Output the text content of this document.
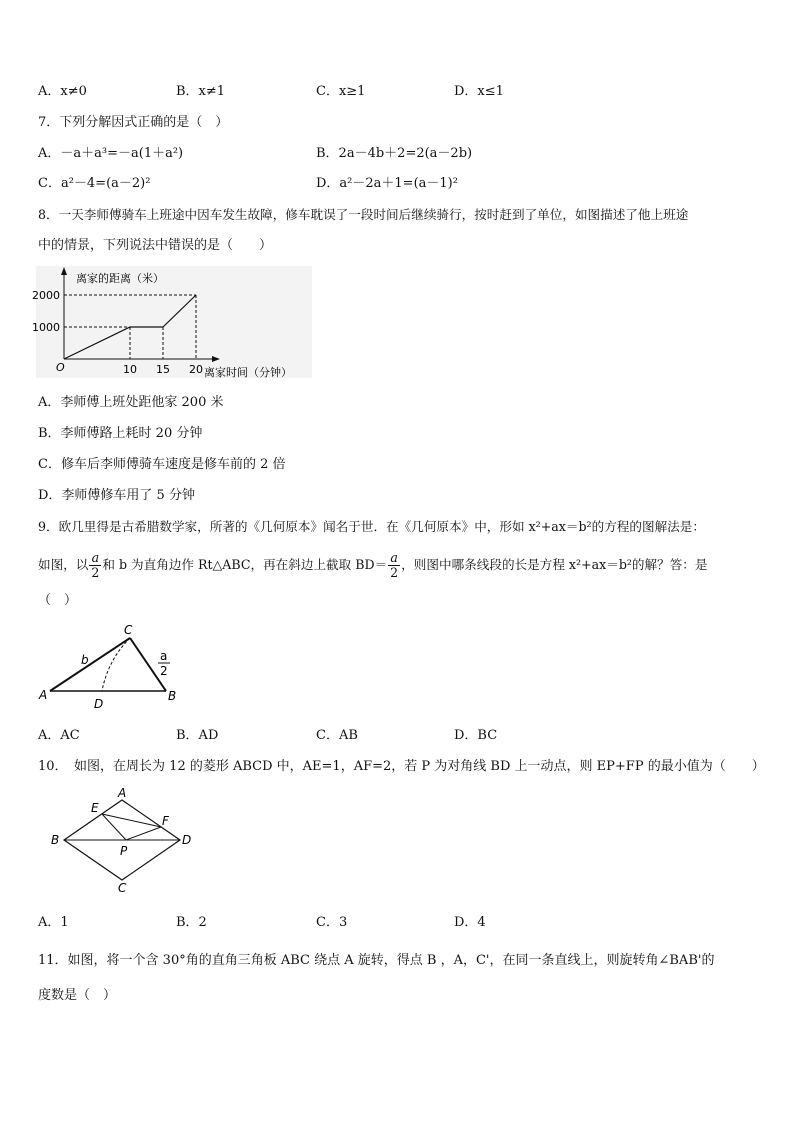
A．x≠0	B．x≠1	C．x≥1	D．x≤1
7．下列分解因式正确的是（　）
A．－a＋a³=－a(1＋a²)	B．2a－4b＋2=2(a－2b)
C．a²－4=(a－2)²	D．a²－2a＋1=(a－1)²
8．一天李师傅骑车上班途中因车发生故障，修车耽误了一段时间后继续骑行，按时赶到了单位，如图描述了他上班途
中的情景，下列说法中错误的是（　　）
1000
2000
10 15 20
离家的距离（米）
离家时间（分钟）
O
A．李师傅上班处距他家 200 米
B．李师傅路上耗时 20 分钟
C．修车后李师傅骑车速度是修车前的 2 倍
D．李师傅修车用了 5 分钟
9．欧几里得是古希腊数学家，所著的《几何原本》闻名于世．在《几何原本》中，形如 x²+ax＝b²的方程的图解法是：
如图，以 $\frac{a}{2}$ 和 b 为直角边作 Rt△ABC，再在斜边上截取 $BD= \frac{a}{2}$ ，则图中哪条线段的长是方程 x²+ax＝b²的解？答：是
（　）
A	B
C
D
b	a
2
A．AC	B．AD	C．AB	D．BC
10．　如图，在周长为 12 的菱形 ABCD 中，AE=1，AF=2，若 P 为对角线 BD 上一动点，则 EP+FP 的最小值为（　　）
A
B
C
D
E
F
P
A．1	B．2	C．3	D．4
11．如图，将一个含 30°角的直角三角板 ABC 绕点 A 旋转，得点 B ，A，C'，在同一条直线上，则旋转角∠BAB'的
度数是（　）
